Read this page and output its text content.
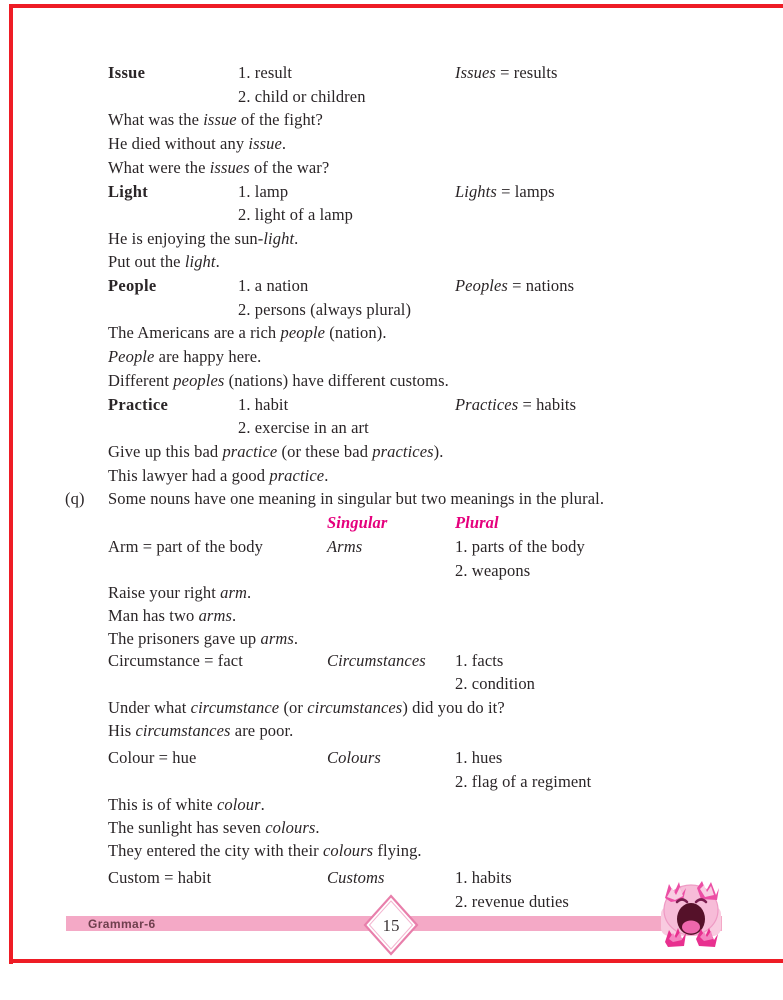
Issue	1. result	Issues = results
2. child or children
What was the issue of the fight?
He died without any issue.
What were the issues of the war?
Light	1. lamp	Lights = lamps
2. light of a lamp
He is enjoying the sun-light.
Put out the light.
People	1. a nation	Peoples = nations
2. persons (always plural)
The Americans are a rich people (nation).
People are happy here.
Different peoples (nations) have different customs.
Practice	1. habit	Practices = habits
2. exercise in an art
Give up this bad practice (or these bad practices).
This lawyer had a good practice.
(q) Some nouns have one meaning in singular but two meanings in the plural.
Singular	Plural
Arm = part of the body	Arms	1. parts of the body
2. weapons
Raise your right arm.
Man has two arms.
The prisoners gave up arms.
Circumstance = fact	Circumstances 1. facts
2. condition
Under what circumstance (or circumstances) did you do it?
His circumstances are poor.
Colour = hue	Colours	1. hues
2. flag of a regiment
This is of white colour.
The sunlight has seven colours.
They entered the city with their colours flying.
Custom = habit	Customs	1. habits
2. revenue duties
Grammar-6	15
